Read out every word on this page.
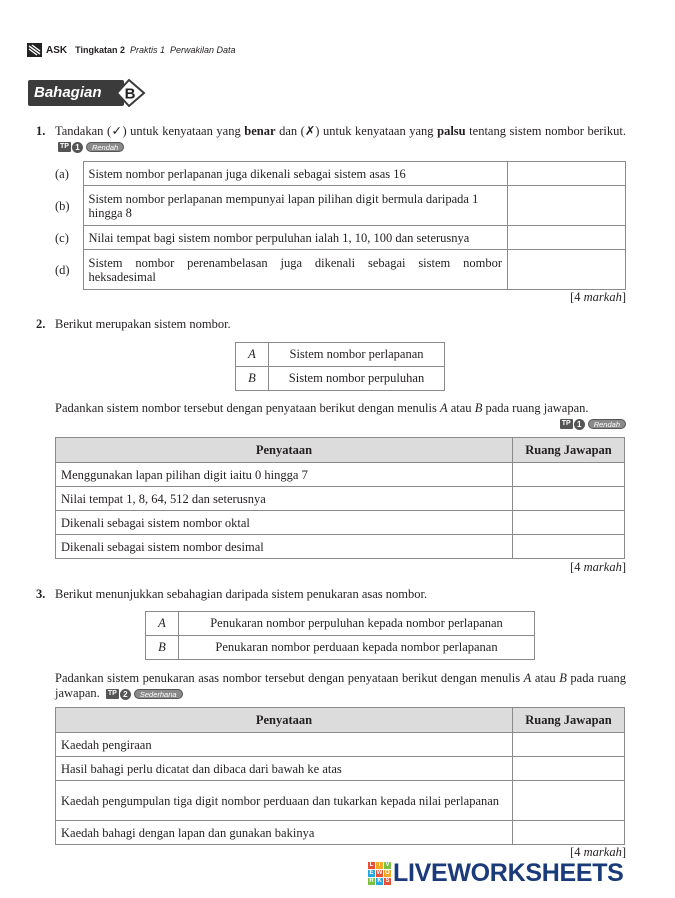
ASK Tingkatan 2 Praktis 1 Perwakilan Data
Bahagian B
1. Tandakan (✓) untuk kenyataan yang benar dan (✗) untuk kenyataan yang palsu tentang sistem nombor berikut.
TP 1	Rendah
(a)	Sistem nombor perlapanan juga dikenali sebagai sistem asas 16	
(b)	Sistem nombor perlapanan mempunyai lapan pilihan digit bermula daripada 1 hingga 8	
(c)	Nilai tempat bagi sistem nombor perpuluhan ialah 1, 10, 100 dan seterusnya	
(d)	Sistem nombor perenambelasan juga dikenali sebagai sistem nombor heksadesimal	
[4 markah]
2. Berikut merupakan sistem nombor.
A	Sistem nombor perlapanan
B	Sistem nombor perpuluhan
Padankan sistem nombor tersebut dengan penyataan berikut dengan menulis A atau B pada ruang jawapan.
TP 1	Rendah
Penyataan	Ruang Jawapan
Menggunakan lapan pilihan digit iaitu 0 hingga 7	
Nilai tempat 1, 8, 64, 512 dan seterusnya	
Dikenali sebagai sistem nombor oktal	
Dikenali sebagai sistem nombor desimal	
[4 markah]
3. Berikut menunjukkan sebahagian daripada sistem penukaran asas nombor.
A	Penukaran nombor perpuluhan kepada nombor perlapanan
B	Penukaran nombor perduaan kepada nombor perlapanan
Padankan sistem penukaran asas nombor tersebut dengan penyataan berikut dengan menulis A atau B pada ruang jawapan. TP 2	Sederhana
Penyataan	Ruang Jawapan
Kaedah pengiraan	
Hasil bahagi perlu dicatat dan dibaca dari bawah ke atas	
Kaedah pengumpulan tiga digit nombor perduaan dan tukarkan kepada nilai perlapanan	
Kaedah bahagi dengan lapan dan gunakan bakinya	
[4 markah]
L I V
E W O
R K S LIVEWORKSHEETS
